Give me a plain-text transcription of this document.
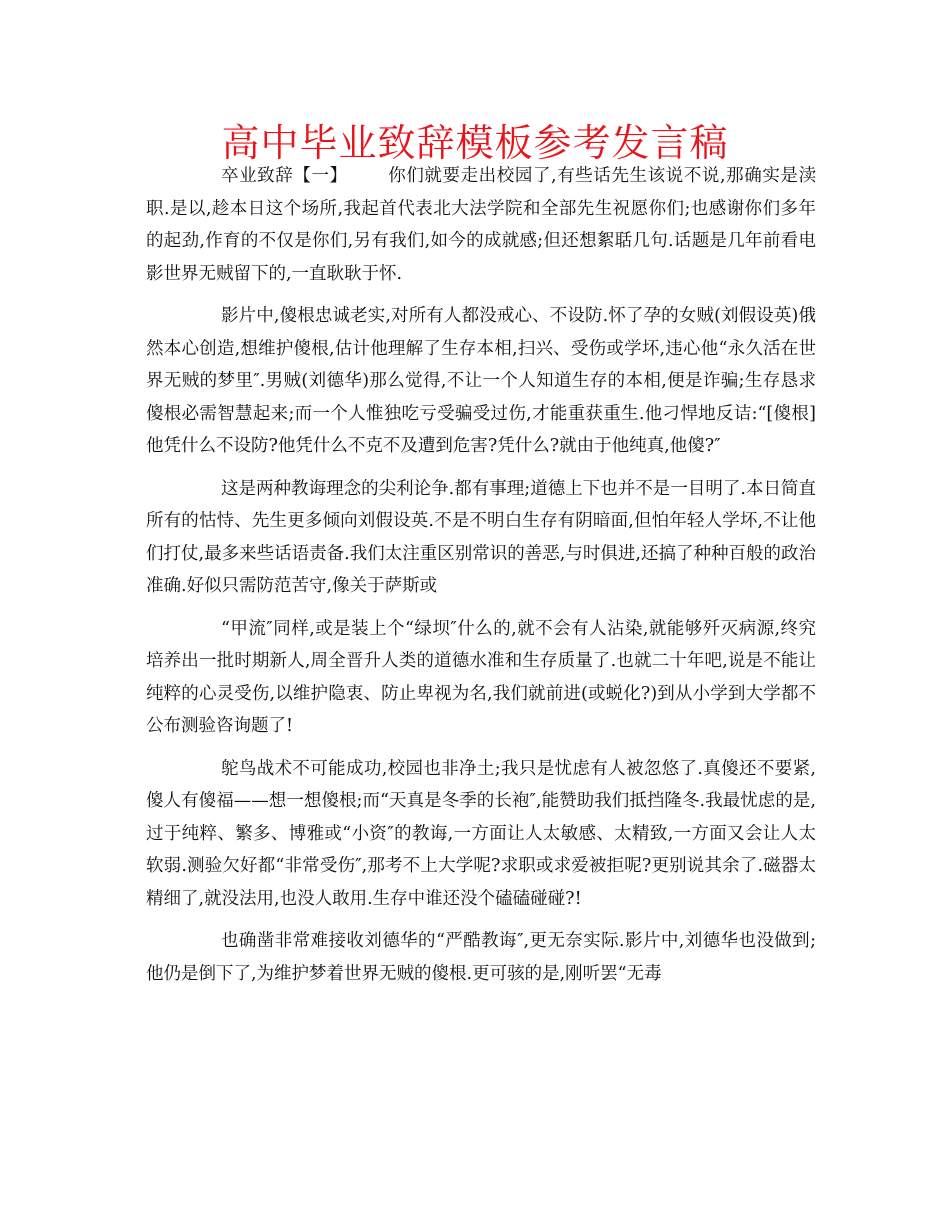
高中毕业致辞模板参考发言稿

卒业致辞【一】 你们就要走出校园了,有些话先生该说不说,那确实是渎职.是以,趁本日这个场所,我起首代表北大法学院和全部先生祝愿你们;也感谢你们多年的起劲,作育的不仅是你们,另有我们,如今的成就感;但还想絮聒几句.话题是几年前看电影世界无贼留下的,一直耿耿于怀.

影片中,傻根忠诚老实,对所有人都没戒心、不设防.怀了孕的女贼(刘假设英)俄然本心创造,想维护傻根,估计他理解了生存本相,扫兴、受伤或学坏,违心他“永久活在世界无贼的梦里″.男贼(刘德华)那么觉得,不让一个人知道生存的本相,便是诈骗;生存恳求傻根必需智慧起来;而一个人惟独吃亏受骗受过伤,才能重获重生.他刁悍地反诘:“[傻根]他凭什么不设防?他凭什么不克不及遭到危害?凭什么?就由于他纯真,他傻?″

这是两种教诲理念的尖利论争.都有事理;道德上下也并不是一目明了.本日简直所有的怙恃、先生更多倾向刘假设英.不是不明白生存有阴暗面,但怕年轻人学坏,不让他们打仗,最多来些话语责备.我们太注重区别常识的善恶,与时俱进,还搞了种种百般的政治准确.好似只需防范苦守,像关于萨斯或

“甲流″同样,或是装上个“绿坝″什么的,就不会有人沾染,就能够歼灭病源,终究培养出一批时期新人,周全晋升人类的道德水准和生存质量了.也就二十年吧,说是不能让纯粹的心灵受伤,以维护隐衷、防止卑视为名,我们就前进(或蜕化?)到从小学到大学都不公布测验咨询题了!

鸵鸟战术不可能成功,校园也非净土;我只是忧虑有人被忽悠了.真傻还不要紧,傻人有傻福——想一想傻根;而“天真是冬季的长袍″,能赞助我们抵挡隆冬.我最忧虑的是,过于纯粹、繁多、博雅或“小资″的教诲,一方面让人太敏感、太精致,一方面又会让人太软弱.测验欠好都“非常受伤″,那考不上大学呢?求职或求爱被拒呢?更别说其余了.磁器太精细了,就没法用,也没人敢用.生存中谁还没个磕磕碰碰?!

也确凿非常难接收刘德华的“严酷教诲″,更无奈实际.影片中,刘德华也没做到;他仍是倒下了,为维护梦着世界无贼的傻根.更可骇的是,刚听罢“无毒
